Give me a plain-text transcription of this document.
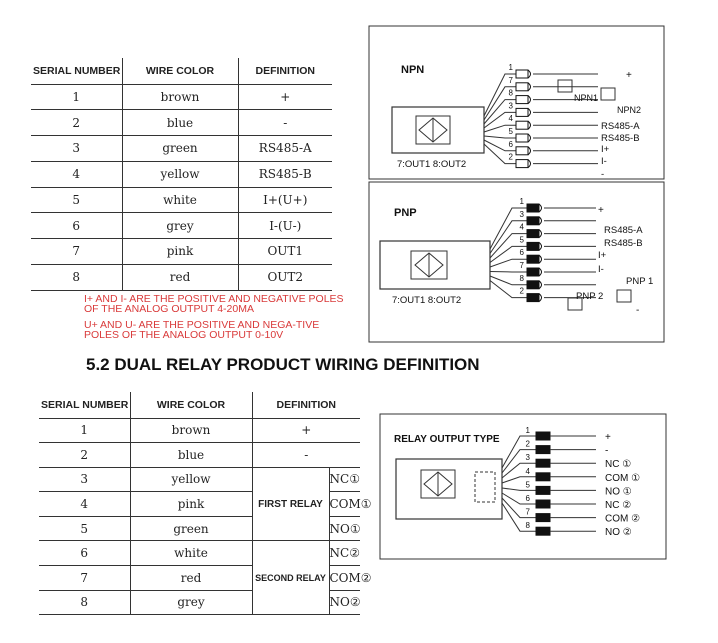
SERIAL NUMBER	WIRE COLOR	DEFINITION
1	brown	+
2	blue	-
3	green	RS485-A
4	yellow	RS485-B
5	white	I+(U+)
6	grey	I-(U-)
7	pink	OUT1
8	red	OUT2
I+ AND I- ARE THE POSITIVE AND NEGATIVE POLES OF THE ANALOG OUTPUT 4-20MA
U+ AND U- ARE THE POSITIVE AND NEGA-TIVE POLES OF THE ANALOG OUTPUT 0-10V
5.2 DUAL RELAY PRODUCT WIRING DEFINITION
SERIAL NUMBER	WIRE COLOR	DEFINITION	
1	brown	+	
2	blue	-	
3	yellow	FIRST RELAY	NC①
4	pink		COM①
5	green		NO①
6	white	SECOND RELAY	NC②
7	red		COM②
8	grey		NO②
NPN
7:OUT1 8:OUT2
1
7
8
3
4
5
6
2
NPN1
NPN2
+
RS485-A
RS485-B
I+
I-
-
PNP
7:OUT1 8:OUT2
1
3
4
5
6
7
8
2
PNP 1
PNP 2
+
RS485-A
RS485-B
I+
I-
-
RELAY OUTPUT TYPE
1
+
2
-
3
NC ①
4
COM ①
5
NO ①
6
NC ②
7
COM ②
8
NO ②
